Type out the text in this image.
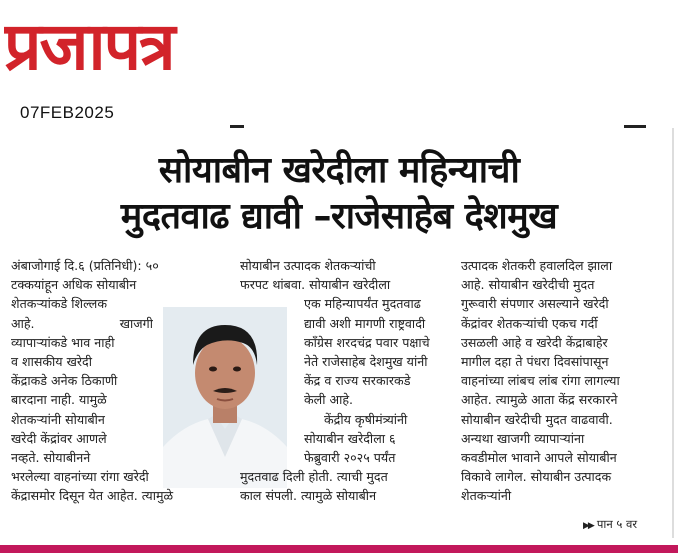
प्रजापत्र
07FEB2025
सोयाबीन खरेदीला महिन्याची
मुदतवाढ द्यावी –राजेसाहेब देशमुख
अंबाजोगाई दि.६ (प्रतिनिधी): ५०
टक्कयांहून अधिक सोयाबीन
शेतकऱ्यांकडे शिल्लक
आहे.	खाजगी
व्यापाऱ्यांकडे भाव नाही
व शासकीय खरेदी
केंद्राकडे अनेक ठिकाणी
बारदाना नाही. यामुळे
शेतकऱ्यांनी सोयाबीन
खरेदी केंद्रांवर आणले
नव्हते. सोयाबीनने
भरलेल्या वाहनांच्या रांगा खरेदी
केंद्रासमोर दिसून येत आहेत. त्यामुळे
सोयाबीन उत्पादक शेतकऱ्यांची
फरपट थांबवा. सोयाबीन खरेदीला
एक महिन्यापर्यंत मुदतवाढ
द्यावी अशी मागणी राष्ट्रवादी
काँग्रेस शरदचंद्र पवार पक्षाचे
नेते राजेसाहेब देशमुख यांनी
केंद्र व राज्य सरकारकडे
केली आहे.
केंद्रीय कृषीमंत्र्यांनी
सोयाबीन खरेदीला ६
फेब्रुवारी २०२५ पर्यंत
मुदतवाढ दिली होती. त्याची मुदत
काल संपली. त्यामुळे सोयाबीन
उत्पादक शेतकरी हवालदिल झाला
आहे. सोयाबीन खरेदीची मुदत
गुरूवारी संपणार असल्याने खरेदी
केंद्रांवर शेतकऱ्यांची एकच गर्दी
उसळली आहे व खरेदी केंद्राबाहेर
मागील दहा ते पंधरा दिवसांपासून
वाहनांच्या लांबच लांब रांगा लागल्या
आहेत. त्यामुळे आता केंद्र सरकारने
सोयाबीन खरेदीची मुदत वाढवावी.
अन्यथा खाजगी व्यापाऱ्यांना
कवडीमोल भावाने आपले सोयाबीन
विकावे लागेल. सोयाबीन उत्पादक
शेतकऱ्यांनी
▶▶ पान ५ वर
